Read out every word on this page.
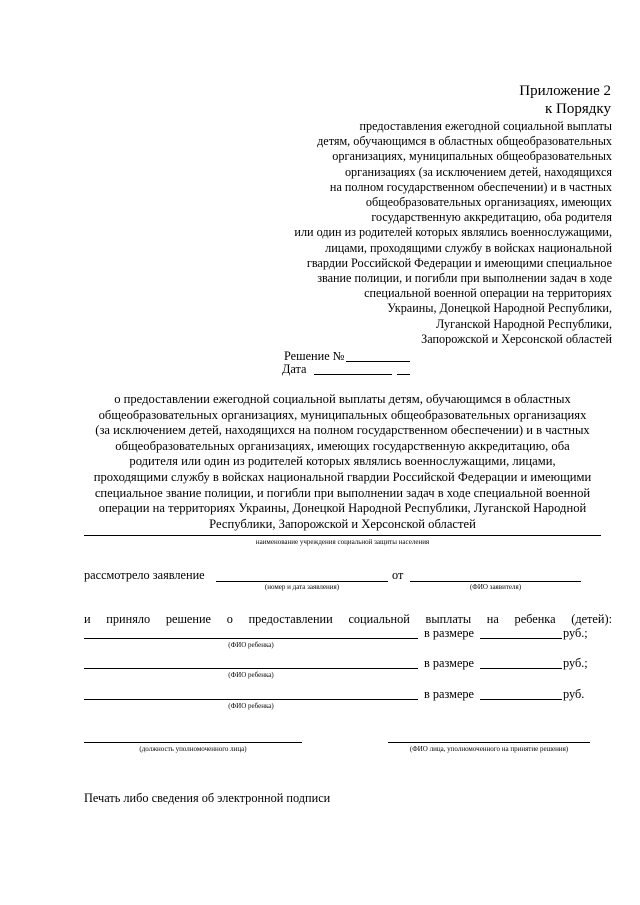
Приложение 2
к Порядку
предоставления ежегодной социальной выплаты
детям, обучающимся в областных общеобразовательных
организациях, муниципальных общеобразовательных
организациях (за исключением детей, находящихся
на полном государственном обеспечении) и в частных
общеобразовательных организациях, имеющих
государственную аккредитацию, оба родителя
или один из родителей которых являлись военнослужащими,
лицами, проходящими службу в войсках национальной
гвардии Российской Федерации и имеющими специальное
звание полиции, и погибли при выполнении задач в ходе
специальной военной операции на территориях
Украины, Донецкой Народной Республики,
Луганской Народной Республики,
Запорожской и Херсонской областей
Решение №
Дата
о предоставлении ежегодной социальной выплаты детям, обучающимся в областных
общеобразовательных организациях, муниципальных общеобразовательных организациях
(за исключением детей, находящихся на полном государственном обеспечении) и в частных
общеобразовательных организациях, имеющих государственную аккредитацию, оба
родителя или один из родителей которых являлись военнослужащими, лицами,
проходящими службу в войсках национальной гвардии Российской Федерации и имеющими
специальное звание полиции, и погибли при выполнении задач в ходе специальной военной
операции на территориях Украины, Донецкой Народной Республики, Луганской Народной
Республики, Запорожской и Херсонской областей
наименование учреждения социальной защиты населения
рассмотрело заявление
(номер и дата заявления)
от
(ФИО заявителя)
и приняло решение о предоставлении социальной выплаты на ребенка (детей):
в размере	руб.;
(ФИО ребенка)
в размере	руб.;
(ФИО ребенка)
в размере	руб.
(ФИО ребенка)
(должность уполномоченного лица)	(ФИО лица, уполномоченного на принятие решения)
Печать либо сведения об электронной подписи
